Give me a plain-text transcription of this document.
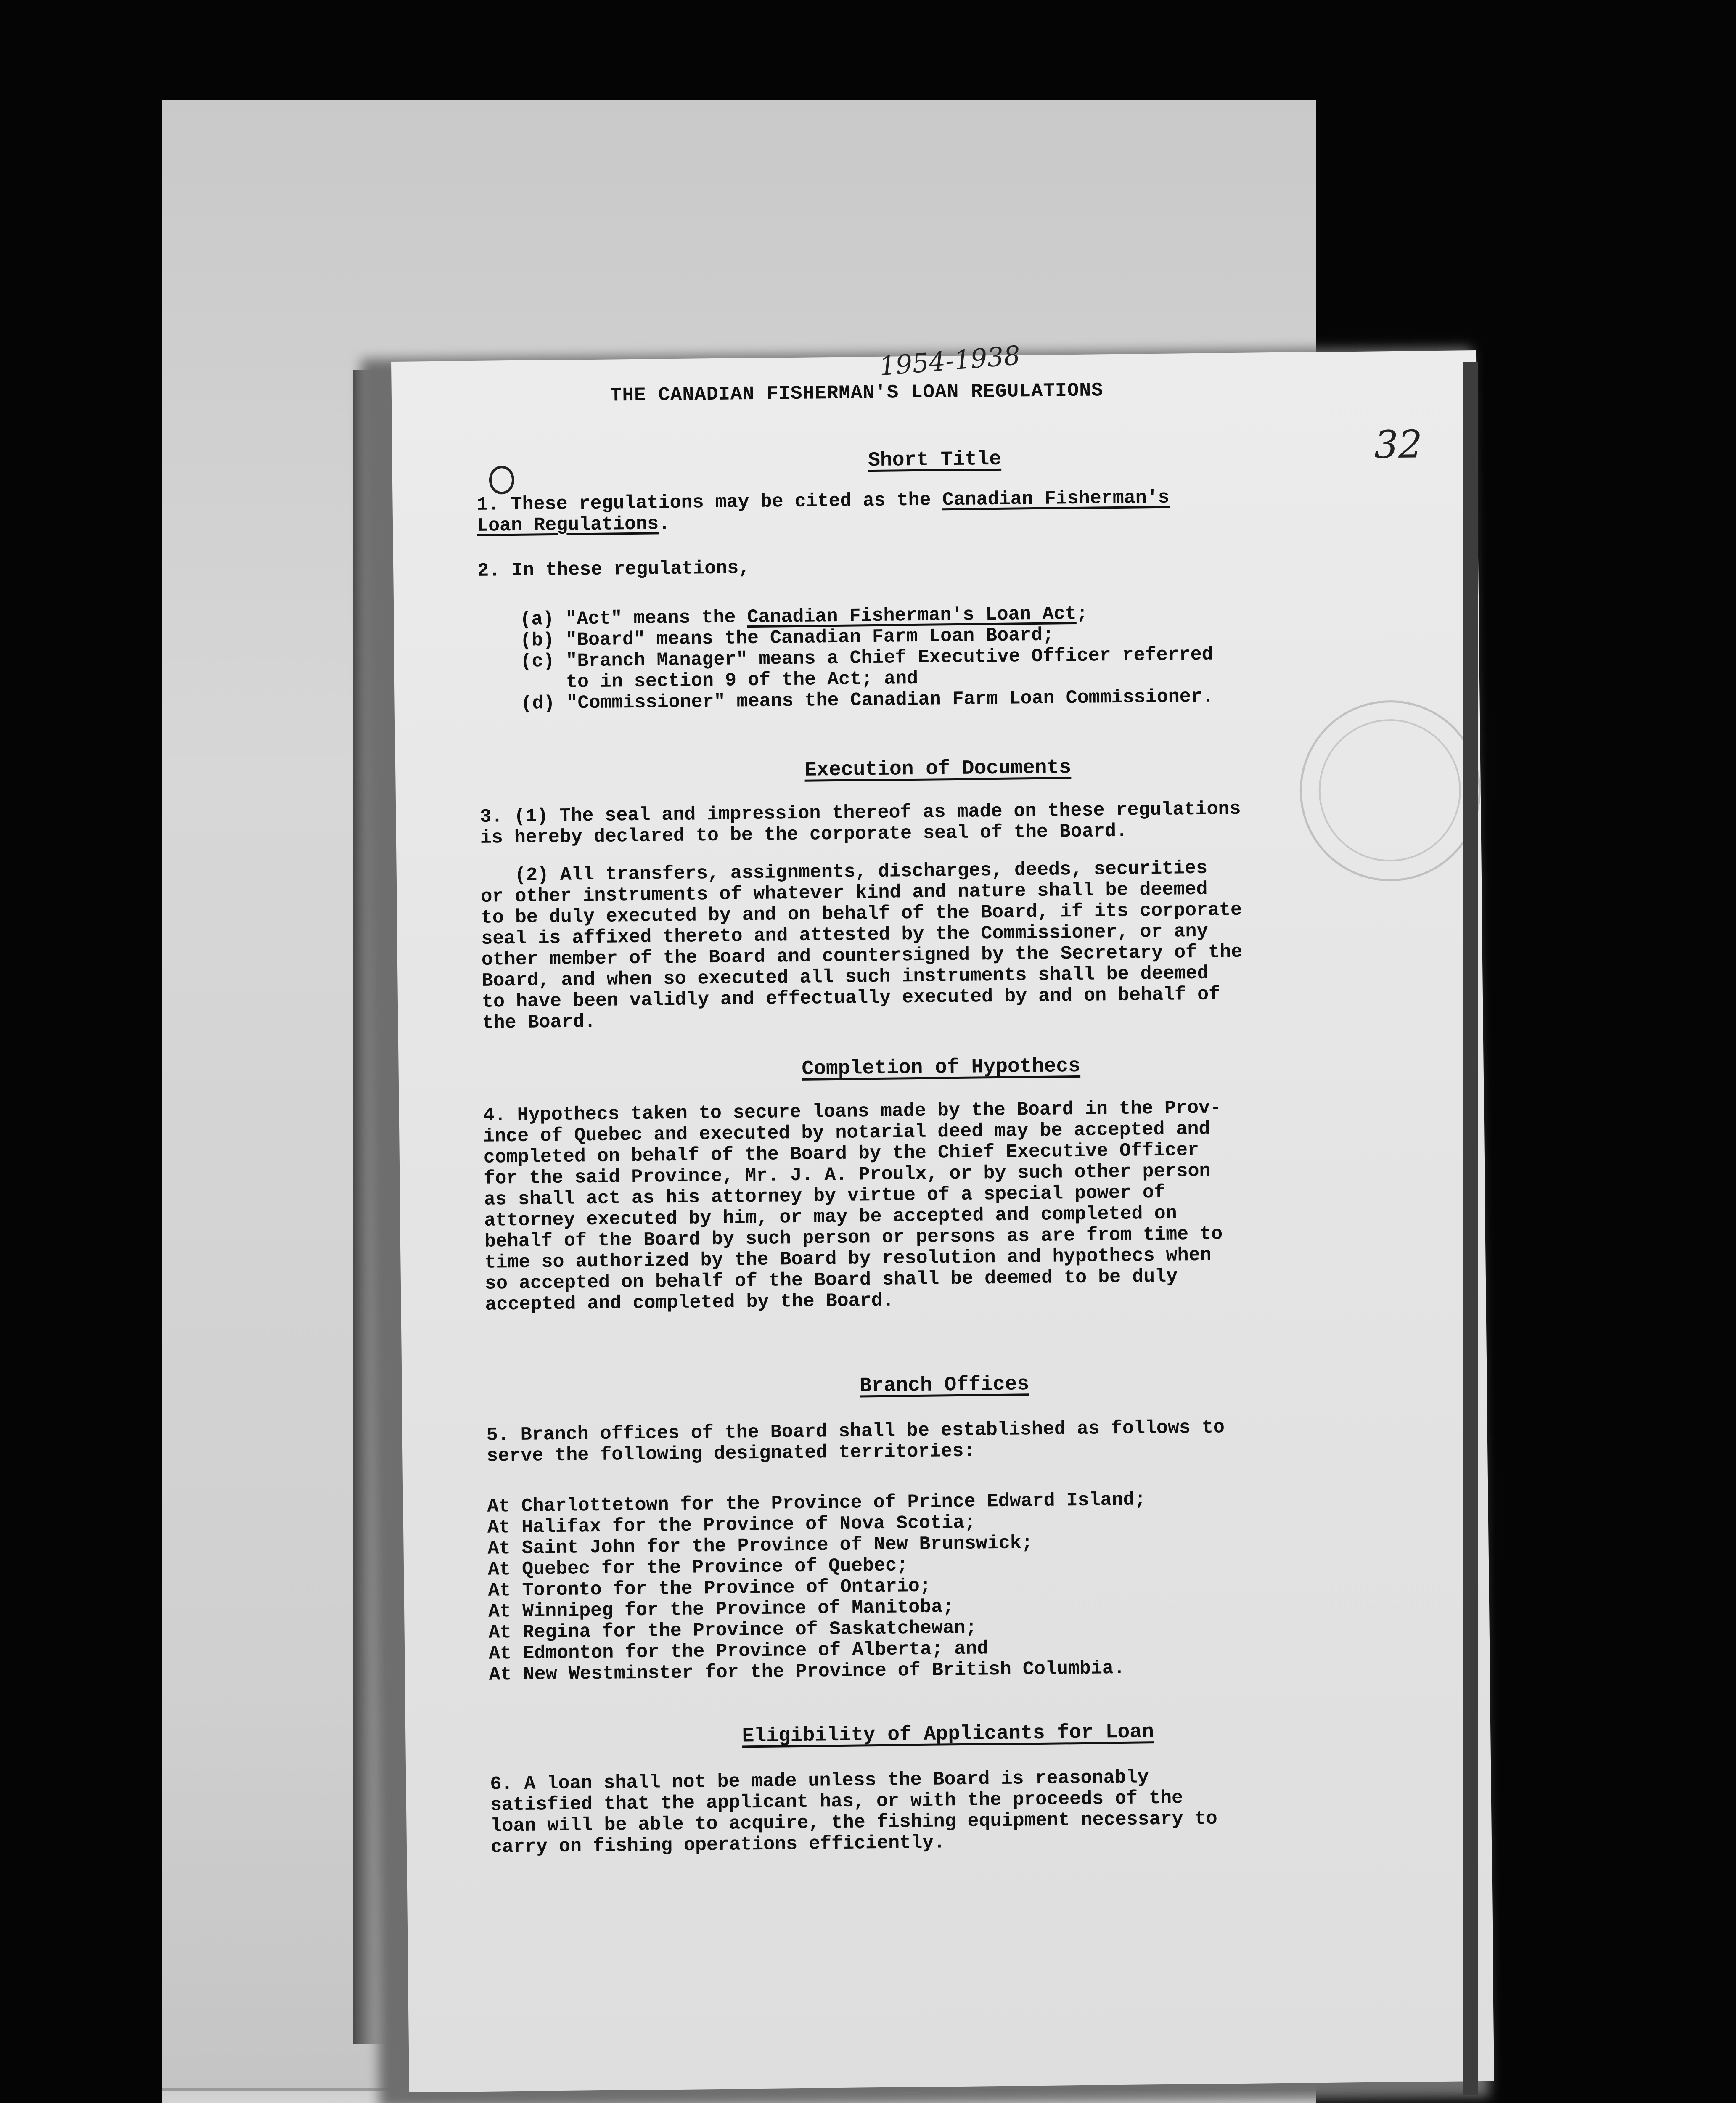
1954-1938
32
THE CANADIAN FISHERMAN'S LOAN REGULATIONS
Short Title
1. These regulations may be cited as the Canadian Fisherman's
Loan Regulations.
2. In these regulations,
(a) "Act" means the Canadian Fisherman's Loan Act;
(b) "Board" means the Canadian Farm Loan Board;
(c) "Branch Manager" means a Chief Executive Officer referred
to in section 9 of the Act; and
(d) "Commissioner" means the Canadian Farm Loan Commissioner.
Execution of Documents
3. (1) The seal and impression thereof as made on these regulations
is hereby declared to be the corporate seal of the Board.
(2) All transfers, assignments, discharges, deeds, securities
or other instruments of whatever kind and nature shall be deemed
to be duly executed by and on behalf of the Board, if its corporate
seal is affixed thereto and attested by the Commissioner, or any
other member of the Board and countersigned by the Secretary of the
Board, and when so executed all such instruments shall be deemed
to have been validly and effectually executed by and on behalf of
the Board.
Completion of Hypothecs
4. Hypothecs taken to secure loans made by the Board in the Prov-
ince of Quebec and executed by notarial deed may be accepted and
completed on behalf of the Board by the Chief Executive Officer
for the said Province, Mr. J. A. Proulx, or by such other person
as shall act as his attorney by virtue of a special power of
attorney executed by him, or may be accepted and completed on
behalf of the Board by such person or persons as are from time to
time so authorized by the Board by resolution and hypothecs when
so accepted on behalf of the Board shall be deemed to be duly
accepted and completed by the Board.
Branch Offices
5. Branch offices of the Board shall be established as follows to
serve the following designated territories:
At Charlottetown for the Province of Prince Edward Island;
At Halifax for the Province of Nova Scotia;
At Saint John for the Province of New Brunswick;
At Quebec for the Province of Quebec;
At Toronto for the Province of Ontario;
At Winnipeg for the Province of Manitoba;
At Regina for the Province of Saskatchewan;
At Edmonton for the Province of Alberta; and
At New Westminster for the Province of British Columbia.
Eligibility of Applicants for Loan
6. A loan shall not be made unless the Board is reasonably
satisfied that the applicant has, or with the proceeds of the
loan will be able to acquire, the fishing equipment necessary to
carry on fishing operations efficiently.
